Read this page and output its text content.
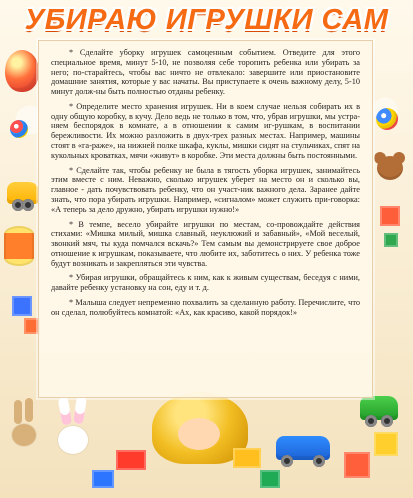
УБИРАЮ ИГРУШКИ САМ

* Сделайте уборку игрушек самоценным событием. Отведите для этого специальное время, минут 5-10, не позволяя себе торопить ребенка или убирать за него; по-старайтесь, чтобы вас ничто не отвлекало: завершите или приостановите домашние занятия, которые у вас начаты. Вы приступаете к очень важному делу, 5-10 минут долж-ны быть полностью отданы ребенку.

* Определите место хранения игрушек. Ни в коем случае нельзя собирать их в одну общую коробку, в кучу. Дело ведь не только в том, что, убрав игрушки, мы устра-няем беспорядок в комнате, а в отношении к самим иг-рушкам, в воспитании бережливости. Их можно разложить в двух-трех разных местах. Например, машины стоят в «га-раже», на нижней полке шкафа, куклы, мишки сидят на стульчиках, спят на кукольных кроватках, мячи «живут» в коробке. Эти места должны быть постоянными.

* Сделайте так, чтобы ребенку не была в тягость уборка игрушек, занимайтесь этим вместе с ним. Неважно, сколько игрушек уберет на место он и сколько вы, главное - дать почувствовать ребенку, что он участ-ник важного дела. Заранее дайте знать, что пора убирать игрушки. Например, «сигналом» может служить при-говорка: «А теперь за дело дружно, убирать игрушки нужно!»

* В темпе, весело убирайте игрушки по местам, со-провождайте действия стихами: «Мишка милый, мишка славный, неуклюжий и забавный», «Мой веселый, звонкий мяч, ты куда помчался вскачь?» Тем самым вы демонстрируете свое доброе отношение к игрушкам, показываете, что любите их, заботитесь о них. У ребенка тоже будут возникать и закрепляться эти чувства.

* Убирая игрушки, обращайтесь к ним, как к живым существам, беседуя с ними, давайте ребенку установку на сон, еду и т. д.

* Малыша следует непременно похвалить за сделанную работу. Перечислите, что он сделал, полюбуйтесь комнатой: «Ах, как красиво, какой порядок!»
